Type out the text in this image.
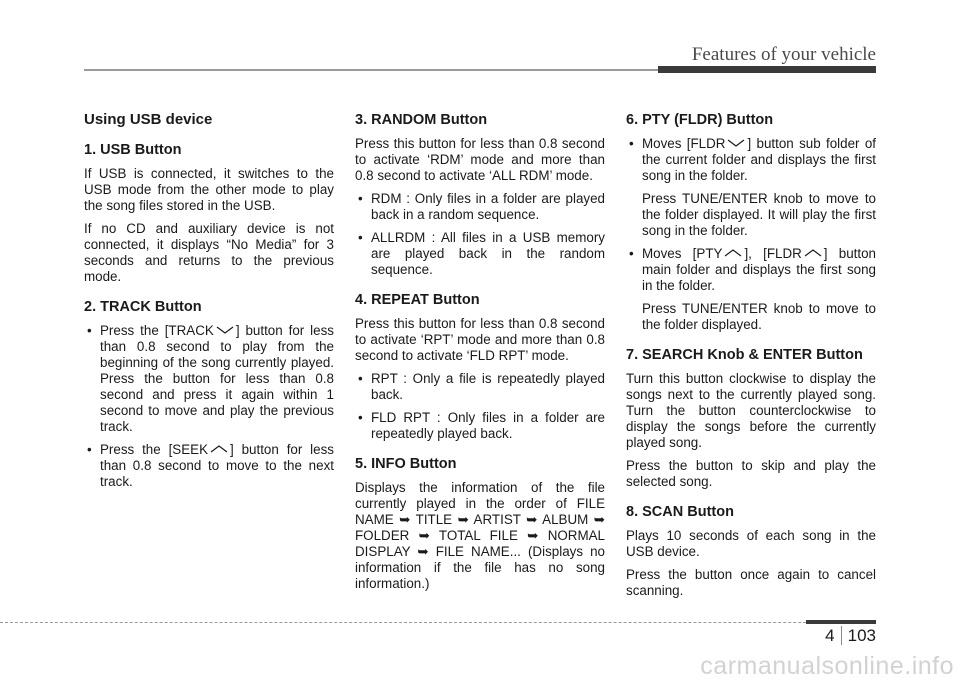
Features of your vehicle
Using USB device
1. USB Button

If USB is connected, it switches to the USB mode from the other mode to play the song files stored in the USB.

If no CD and auxiliary device is not connected, it displays “No Media” for 3 seconds and returns to the previous mode.

2. TRACK Button
• Press the [TRACK ] button for less than 0.8 second to play from the beginning of the song currently played. Press the button for less than 0.8 second and press it again within 1 second to move and play the previous track.
• Press the [SEEK ] button for less than 0.8 second to move to the next track.
3. RANDOM Button

Press this button for less than 0.8 second to activate ‘RDM’ mode and more than 0.8 second to activate ‘ALL RDM’ mode.

• RDM : Only files in a folder are played back in a random sequence.
• ALLRDM : All files in a USB memory are played back in the random sequence.
4. REPEAT Button

Press this button for less than 0.8 second to activate ‘RPT’ mode and more than 0.8 second to activate ‘FLD RPT’ mode.

• RPT : Only a file is repeatedly played back.
• FLD RPT : Only files in a folder are repeatedly played back.
5. INFO Button

Displays the information of the file currently played in the order of FILE NAME ➥ TITLE ➥ ARTIST ➥ ALBUM ➥ FOLDER ➥ TOTAL FILE ➥ NORMAL DISPLAY ➥ FILE NAME... (Displays no information if the file has no song information.)

6. PTY (FLDR) Button
• Moves [FLDR ] button sub folder of the current folder and displays the first song in the folder.
Press TUNE/ENTER knob to move to the folder displayed. It will play the first song in the folder.
• Moves [PTY ], [FLDR ] button main folder and displays the first song in the folder.
Press TUNE/ENTER knob to move to the folder displayed.
7. SEARCH Knob & ENTER Button

Turn this button clockwise to display the songs next to the currently played song. Turn the button counterclockwise to display the songs before the currently played song.

Press the button to skip and play the selected song.

8. SCAN Button

Plays 10 seconds of each song in the USB device.

Press the button once again to cancel scanning.

4 103
carmanualsonline.info
